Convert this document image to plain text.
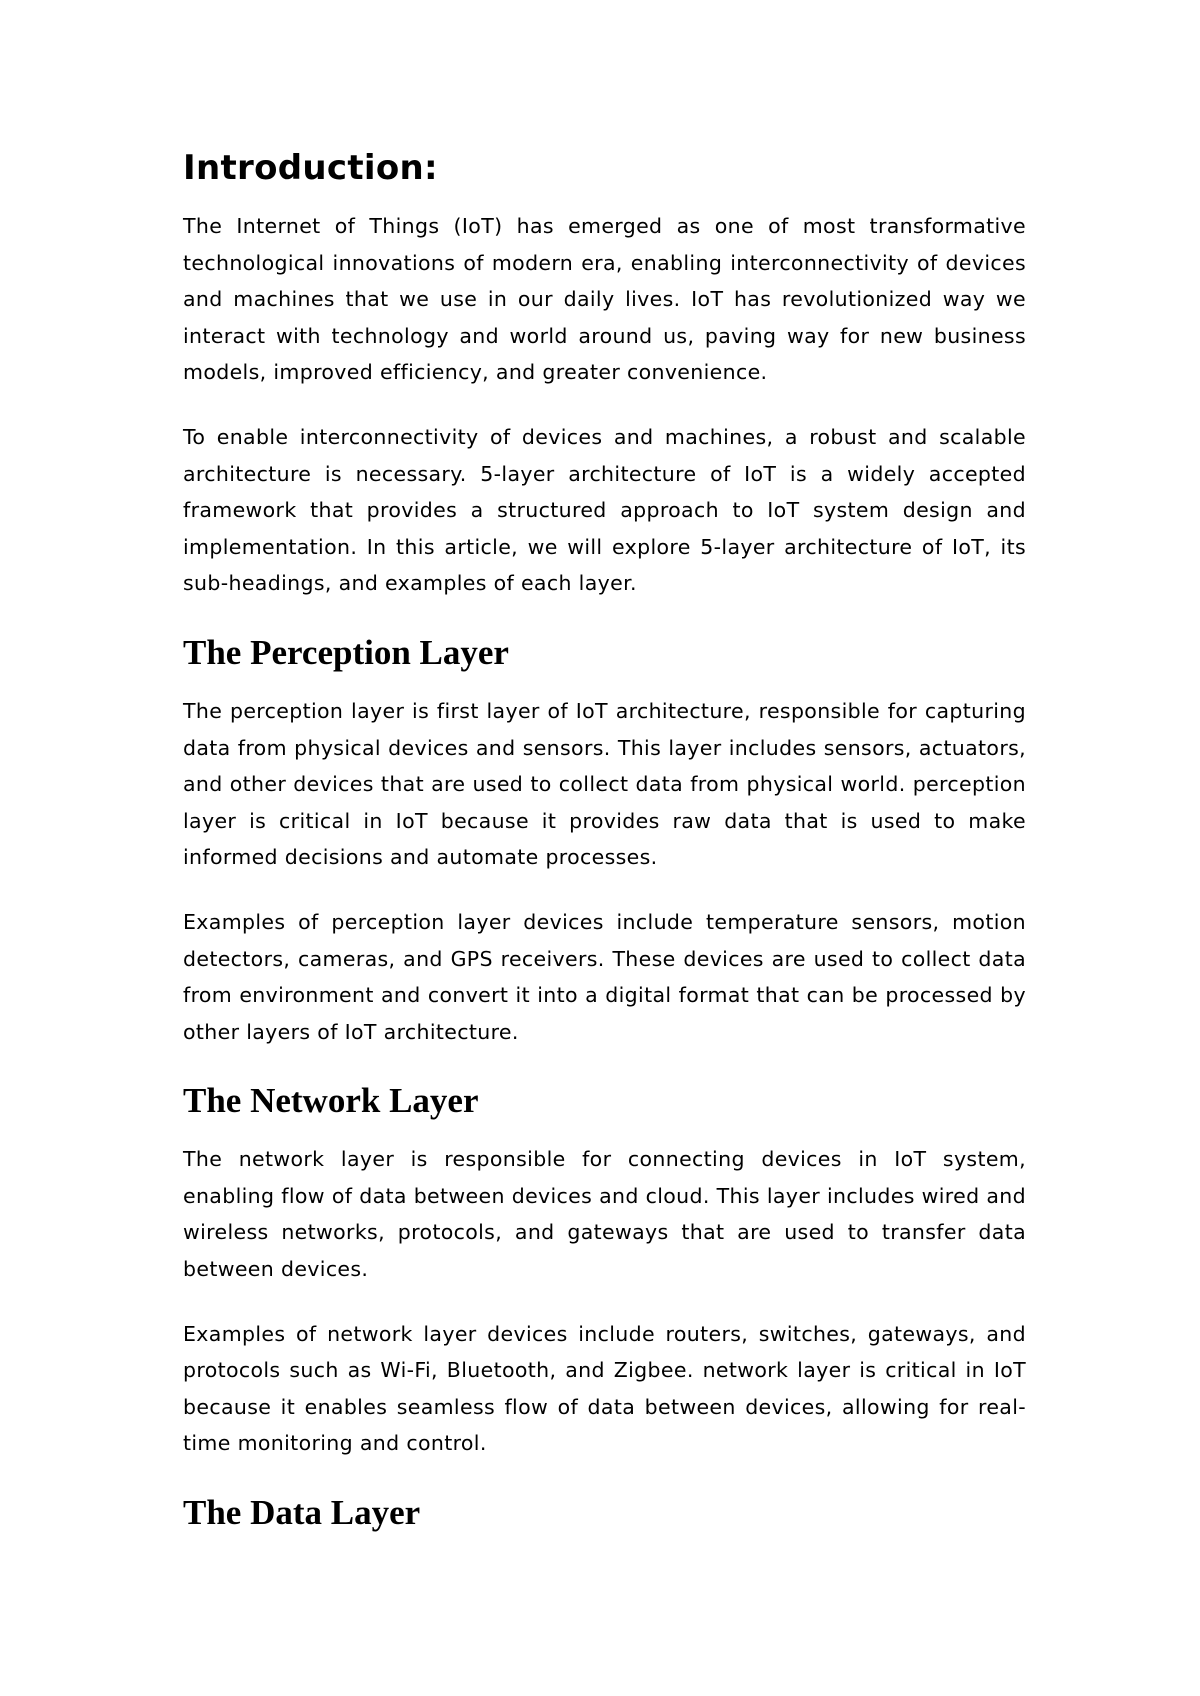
Introduction:

The Internet of Things (IoT) has emerged as one of most transformative technological innovations of modern era, enabling interconnectivity of devices and machines that we use in our daily lives. IoT has revolutionized way we interact with technology and world around us, paving way for new business models, improved efficiency, and greater convenience.

To enable interconnectivity of devices and machines, a robust and scalable architecture is necessary. 5-layer architecture of IoT is a widely accepted framework that provides a structured approach to IoT system design and implementation. In this article, we will explore 5-layer architecture of IoT, its sub-headings, and examples of each layer.

The Perception Layer

The perception layer is first layer of IoT architecture, responsible for capturing data from physical devices and sensors. This layer includes sensors, actuators, and other devices that are used to collect data from physical world. perception layer is critical in IoT because it provides raw data that is used to make informed decisions and automate processes.

Examples of perception layer devices include temperature sensors, motion detectors, cameras, and GPS receivers. These devices are used to collect data from environment and convert it into a digital format that can be processed by other layers of IoT architecture.

The Network Layer

The network layer is responsible for connecting devices in IoT system, enabling flow of data between devices and cloud. This layer includes wired and wireless networks, protocols, and gateways that are used to transfer data between devices.

Examples of network layer devices include routers, switches, gateways, and protocols such as Wi-Fi, Bluetooth, and Zigbee. network layer is critical in IoT because it enables seamless flow of data between devices, allowing for real-time monitoring and control.

The Data Layer
